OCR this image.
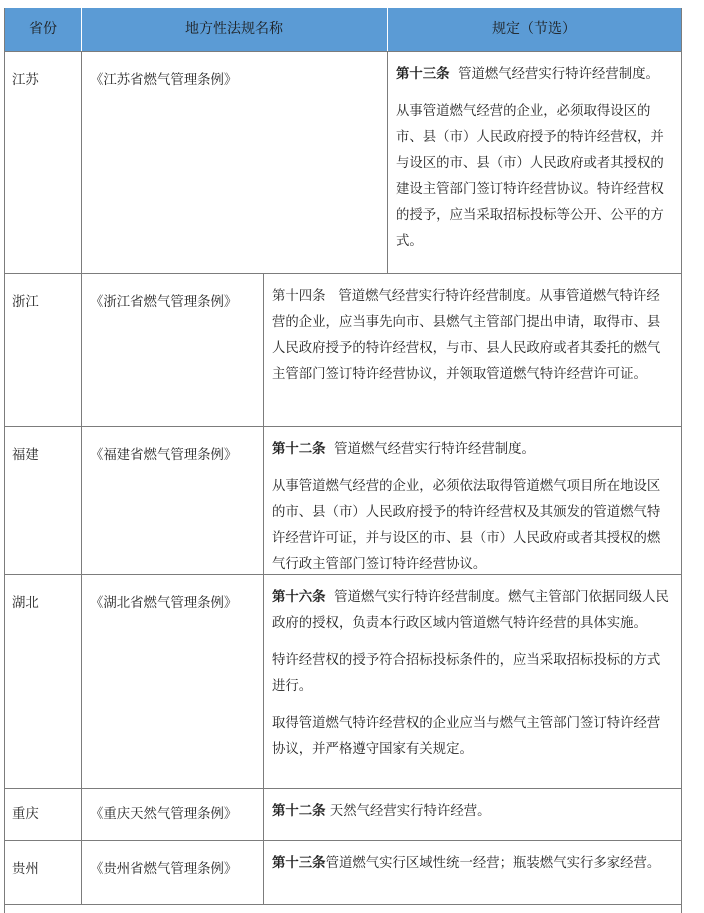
省份	地方性法规名称	规定（节选）
江苏	《江苏省燃气管理条例》	第十三条 管道燃气经营实行特许经营制度。

从事管道燃气经营的企业，必须取得设区的市、县（市）人民政府授予的特许经营权，并与设区的市、县（市）人民政府或者其授权的建设主管部门签订特许经营协议。特许经营权的授予，应当采取招标投标等公开、公平的方式。

浙江	《浙江省燃气管理条例》	第十四条 管道燃气经营实行特许经营制度。从事管道燃气特许经营的企业，应当事先向市、县燃气主管部门提出申请，取得市、县人民政府授予的特许经营权，与市、县人民政府或者其委托的燃气主管部门签订特许经营协议，并领取管道燃气特许经营许可证。

福建	《福建省燃气管理条例》	第十二条 管道燃气经营实行特许经营制度。

从事管道燃气经营的企业，必须依法取得管道燃气项目所在地设区的市、县（市）人民政府授予的特许经营权及其颁发的管道燃气特许经营许可证，并与设区的市、县（市）人民政府或者其授权的燃气行政主管部门签订特许经营协议。

湖北	《湖北省燃气管理条例》	第十六条 管道燃气实行特许经营制度。燃气主管部门依据同级人民政府的授权，负责本行政区域内管道燃气特许经营的具体实施。

特许经营权的授予符合招标投标条件的，应当采取招标投标的方式进行。

取得管道燃气特许经营权的企业应当与燃气主管部门签订特许经营协议，并严格遵守国家有关规定。

重庆	《重庆天然气管理条例》	第十二条 天然气经营实行特许经营。

贵州	《贵州省燃气管理条例》	第十三条管道燃气实行区域性统一经营；瓶装燃气实行多家经营。
